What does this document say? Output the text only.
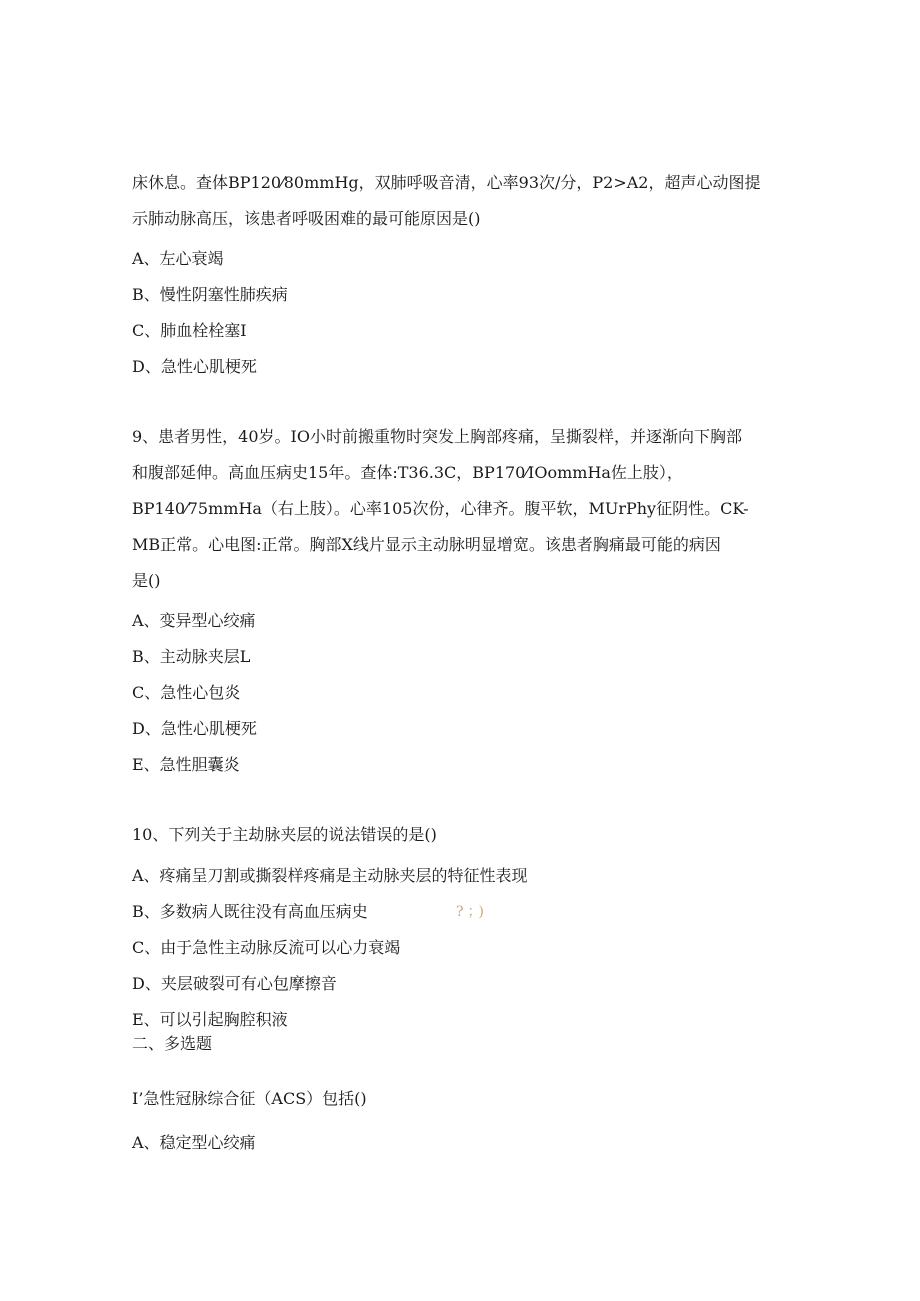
床休息。查体BP120⁄80mmHg，双肺呼吸音清，心率93次/分，P2>A2，超声心动图提
示肺动脉高压，该患者呼吸困难的最可能原因是()
A、左心衰竭
B、慢性阴塞性肺疾病
C、肺血栓栓塞I
D、急性心肌梗死
9、患者男性，40岁。IO小时前搬重物时突发上胸部疼痛，呈撕裂样，并逐渐向下胸部
和腹部延伸。高血压病史15年。查体:T36.3C，BP170⁄IOommHa佐上肢），
BP140⁄75mmHa（右上肢）。心率105次份，心律齐。腹平软，MUrPhy征阴性。CK-
MB正常。心电图:正常。胸部X线片显示主动脉明显增宽。该患者胸痛最可能的病因
是()
A、变异型心绞痛
B、主动脉夹层L
C、急性心包炎
D、急性心肌梗死
E、急性胆囊炎
10、下列关于主劫脉夹层的说法错误的是()
A、疼痛呈刀割或撕裂样疼痛是主动脉夹层的特征性表现
B、多数病人既往没有高血压病史	?；)
C、由于急性主动脉反流可以心力衰竭
D、夹层破裂可有心包摩擦音
E、可以引起胸腔积液
二、多选题
I’急性冠脉综合征（ACS）包括()
A、稳定型心绞痛
